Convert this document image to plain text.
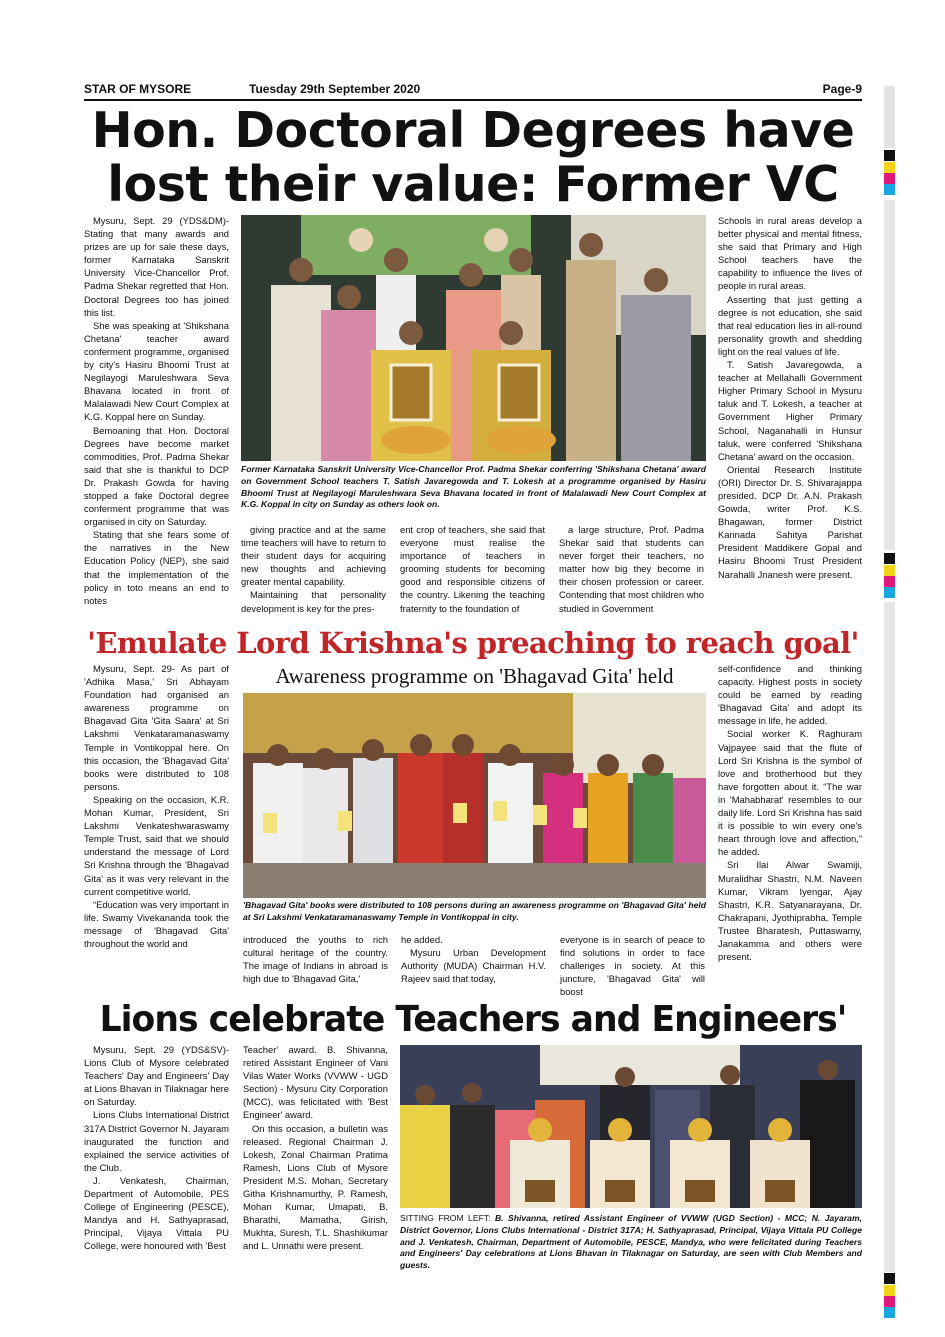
STAR OF MYSORE	Tuesday 29th September 2020	Page-9
Hon. Doctoral Degrees have
lost their value: Former VC

Mysuru, Sept. 29 (YDS&DM)- Stating that many awards and prizes are up for sale these days, former Karnataka Sanskrit University Vice-Chancellor Prof. Padma Shekar regretted that Hon. Doctoral Degrees too has joined this list.

She was speaking at 'Shikshana Chetana' teacher award conferment programme, organised by city's Hasiru Bhoomi Trust at Negilayogi Maruleshwara Seva Bhavana located in front of Malalawadi New Court Complex at K.G. Koppal here on Sunday.

Bemoaning that Hon. Doctoral Degrees have become market commodities, Prof. Padma Shekar said that she is thankful to DCP Dr. Prakash Gowda for having stopped a fake Doctoral degree conferment programme that was organised in city on Saturday.

Stating that she fears some of the narratives in the New Education Policy (NEP), she said that the implementation of the policy in toto means an end to notes

Former Karnataka Sanskrit University Vice-Chancellor Prof. Padma Shekar conferring 'Shikshana Chetana' award on Government School teachers T. Satish Javaregowda and T. Lokesh at a programme organised by Hasiru Bhoomi Trust at Negilayogi Maruleshwara Seva Bhavana located in front of Malalawadi New Court Complex at K.G. Koppal in city on Sunday as others look on.

giving practice and at the same time teachers will have to return to their student days for acquiring new thoughts and achieving greater mental capability.

Maintaining that personality development is key for the pres-

ent crop of teachers, she said that everyone must realise the importance of teachers in grooming students for becoming good and responsible citizens of the country. Likening the teaching fraternity to the foundation of

a large structure, Prof. Padma Shekar said that students can never forget their teachers, no matter how big they become in their chosen profession or career. Contending that most children who studied in Government

Schools in rural areas develop a better physical and mental fitness, she said that Primary and High School teachers have the capability to influence the lives of people in rural areas.

Asserting that just getting a degree is not education, she said that real education lies in all-round personality growth and shedding light on the real values of life.

T. Satish Javaregowda, a teacher at Mellahalli Government Higher Primary School in Mysuru taluk and T. Lokesh, a teacher at Government Higher Primary School, Naganahalli in Hunsur taluk, were conferred 'Shikshana Chetana' award on the occasion.

Oriental Research Institute (ORI) Director Dr. S. Shivarajappa presided. DCP Dr. A.N. Prakash Gowda, writer Prof. K.S. Bhagawan, former District Kannada Sahitya Parishat President Maddikere Gopal and Hasiru Bhoomi Trust President Narahalli Jnanesh were present.

'Emulate Lord Krishna's preaching to reach goal'
Awareness programme on 'Bhagavad Gita' held

Mysuru, Sept. 29- As part of 'Adhika Masa,' Sri Abhayam Foundation had organised an awareness programme on Bhagavad Gita 'Gita Saara' at Sri Lakshmi Venkataramanaswamy Temple in Vontikoppal here. On this occasion, the 'Bhagavad Gita' books were distributed to 108 persons.

Speaking on the occasion, K.R. Mohan Kumar, President, Sri Lakshmi Venkateshwaraswamy Temple Trust, said that we should understand the message of Lord Sri Krishna through the 'Bhagavad Gita' as it was very relevant in the current competitive world.

“Education was very important in life. Swamy Vivekananda took the message of 'Bhagavad Gita' throughout the world and

'Bhagavad Gita' books were distributed to 108 persons during an awareness programme on 'Bhagavad Gita' held at Sri Lakshmi Venkataramanaswamy Temple in Vontikoppal in city.

introduced the youths to rich cultural heritage of the country. The image of Indians in abroad is high due to 'Bhagavad Gita,'

he added.

Mysuru Urban Development Authority (MUDA) Chairman H.V. Rajeev said that today,

everyone is in search of peace to find solutions in order to face challenges in society. At this juncture, 'Bhagavad Gita' will boost

self-confidence and thinking capacity. Highest posts in society could be earned by reading 'Bhagavad Gita' and adopt its message in life, he added.

Social worker K. Raghuram Vajpayee said that the flute of Lord Sri Krishna is the symbol of love and brotherhood but they have forgotten about it. “The war in 'Mahabharat' resembles to our daily life. Lord Sri Krishna has said it is possible to win every one's heart through love and affection,” he added.

Sri Ilai Alwar Swamiji, Muralidhar Shastri, N.M. Naveen Kumar, Vikram Iyengar, Ajay Shastri, K.R. Satyanarayana, Dr. Chakrapani, Jyothiprabha, Temple Trustee Bharatesh, Puttaswamy, Janakamma and others were present.

Lions celebrate Teachers and Engineers'

Mysuru, Sept. 29 (YDS&SV)- Lions Club of Mysore celebrated Teachers' Day and Engineers' Day at Lions Bhavan in Tilaknagar here on Saturday.

Lions Clubs International District 317A District Governor N. Jayaram inaugurated the function and explained the service activities of the Club.

J. Venkatesh, Chairman, Department of Automobile, PES College of Engineering (PESCE), Mandya and H. Sathyaprasad, Principal, Vijaya Vittala PU College, were honoured with 'Best

Teacher' award. B. Shivanna, retired Assistant Engineer of Vani Vilas Water Works (VVWW - UGD Section) - Mysuru City Corporation (MCC), was felicitated with 'Best Engineer' award.

On this occasion, a bulletin was released. Regional Chairman J. Lokesh, Zonal Chairman Pratima Ramesh, Lions Club of Mysore President M.S. Mohan, Secretary Githa Krishnamurthy, P. Ramesh, Mohan Kumar, Umapati, B. Bharathi, Mamatha, Girish, Mukhta, Suresh, T.L. Shashikumar and L. Unnathi were present.

SITTING FROM LEFT: B. Shivanna, retired Assistant Engineer of VVWW (UGD Section) - MCC; N. Jayaram, District Governor, Lions Clubs International - District 317A; H. Sathyaprasad, Principal, Vijaya Vittala PU College and J. Venkatesh, Chairman, Department of Automobile, PESCE, Mandya, who were felicitated during Teachers and Engineers' Day celebrations at Lions Bhavan in Tilaknagar on Saturday, are seen with Club Members and guests.
